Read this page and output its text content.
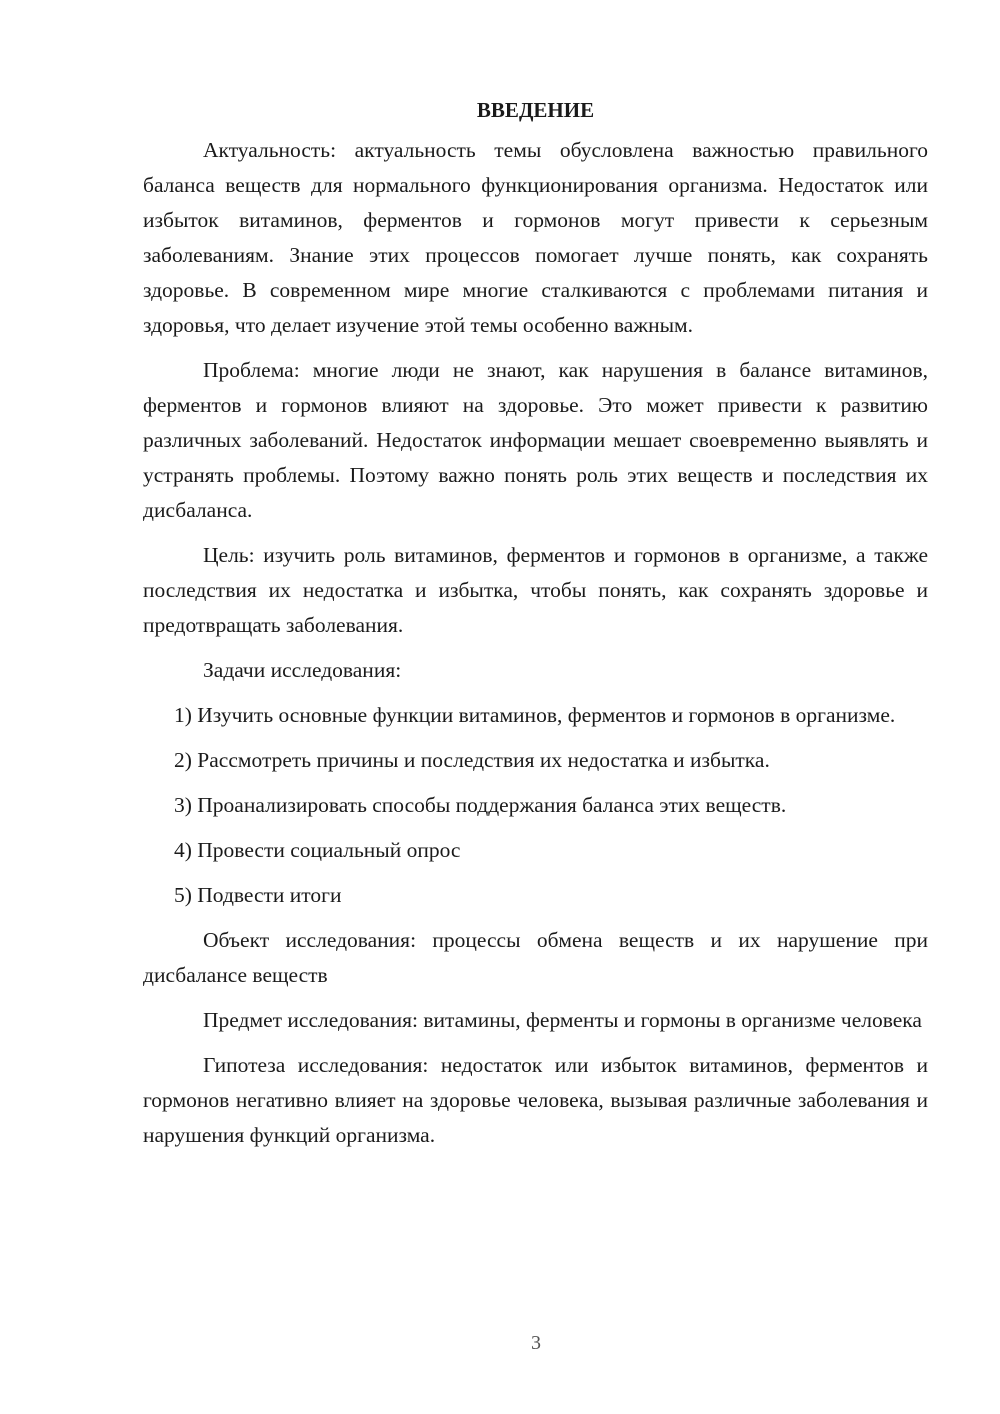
ВВЕДЕНИЕ

Актуальность: актуальность темы обусловлена важностью правильного баланса веществ для нормального функционирования организма. Недостаток или избыток витаминов, ферментов и гормонов могут привести к серьезным заболеваниям. Знание этих процессов помогает лучше понять, как сохранять здоровье. В современном мире многие сталкиваются с проблемами питания и здоровья, что делает изучение этой темы особенно важным.

Проблема: многие люди не знают, как нарушения в балансе витаминов, ферментов и гормонов влияют на здоровье. Это может привести к развитию различных заболеваний. Недостаток информации мешает своевременно выявлять и устранять проблемы. Поэтому важно понять роль этих веществ и последствия их дисбаланса.

Цель: изучить роль витаминов, ферментов и гормонов в организме, а также последствия их недостатка и избытка, чтобы понять, как сохранять здоровье и предотвращать заболевания.

Задачи исследования:

1) Изучить основные функции витаминов, ферментов и гормонов в организме.

2) Рассмотреть причины и последствия их недостатка и избытка.

3) Проанализировать способы поддержания баланса этих веществ.

4) Провести социальный опрос

5) Подвести итоги

Объект исследования: процессы обмена веществ и их нарушение при дисбалансе веществ

Предмет исследования: витамины, ферменты и гормоны в организме человека

Гипотеза исследования: недостаток или избыток витаминов, ферментов и гормонов негативно влияет на здоровье человека, вызывая различные заболевания и нарушения функций организма.

3
